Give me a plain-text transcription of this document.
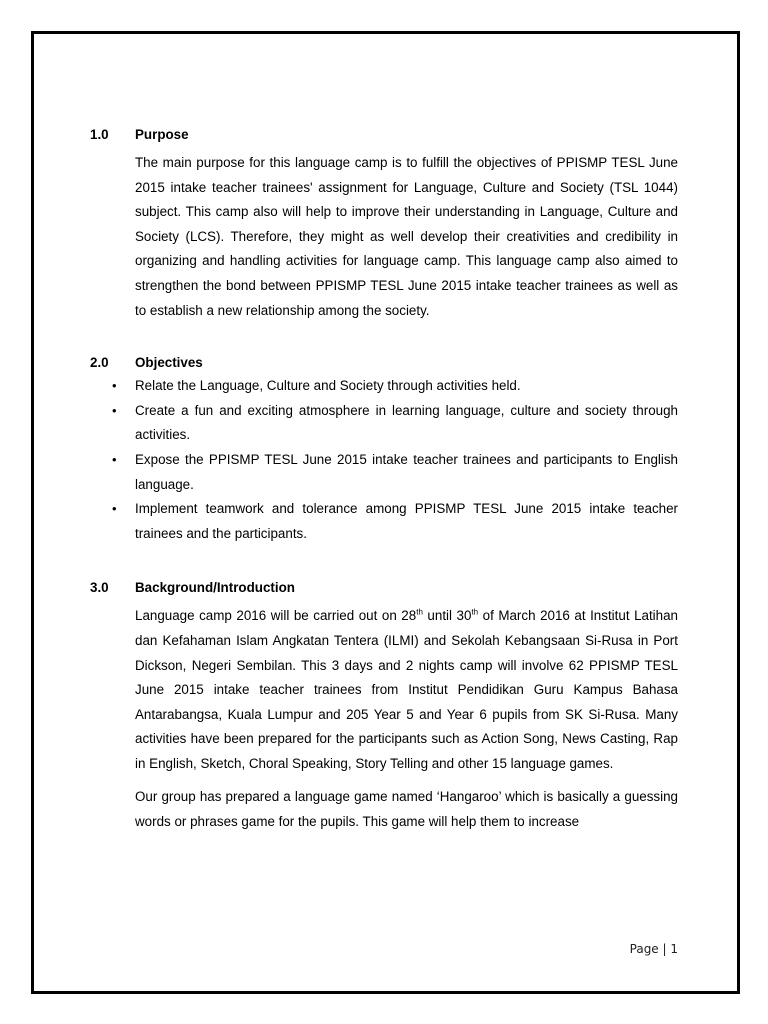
1.0	Purpose

The main purpose for this language camp is to fulfill the objectives of PPISMP TESL June 2015 intake teacher trainees' assignment for Language, Culture and Society (TSL 1044) subject. This camp also will help to improve their understanding in Language, Culture and Society (LCS). Therefore, they might as well develop their creativities and credibility in organizing and handling activities for language camp. This language camp also aimed to strengthen the bond between PPISMP TESL June 2015 intake teacher trainees as well as to establish a new relationship among the society.

2.0	Objectives
• Relate the Language, Culture and Society through activities held.
• Create a fun and exciting atmosphere in learning language, culture and society through activities.
• Expose the PPISMP TESL June 2015 intake teacher trainees and participants to English language.
• Implement teamwork and tolerance among PPISMP TESL June 2015 intake teacher trainees and the participants.
3.0	Background/Introduction

Language camp 2016 will be carried out on 28th until 30th of March 2016 at Institut Latihan dan Kefahaman Islam Angkatan Tentera (ILMI) and Sekolah Kebangsaan Si-Rusa in Port Dickson, Negeri Sembilan. This 3 days and 2 nights camp will involve 62 PPISMP TESL June 2015 intake teacher trainees from Institut Pendidikan Guru Kampus Bahasa Antarabangsa, Kuala Lumpur and 205 Year 5 and Year 6 pupils from SK Si-Rusa. Many activities have been prepared for the participants such as Action Song, News Casting, Rap in English, Sketch, Choral Speaking, Story Telling and other 15 language games.

Our group has prepared a language game named ‘Hangaroo’ which is basically a guessing words or phrases game for the pupils. This game will help them to increase

Page | 1
